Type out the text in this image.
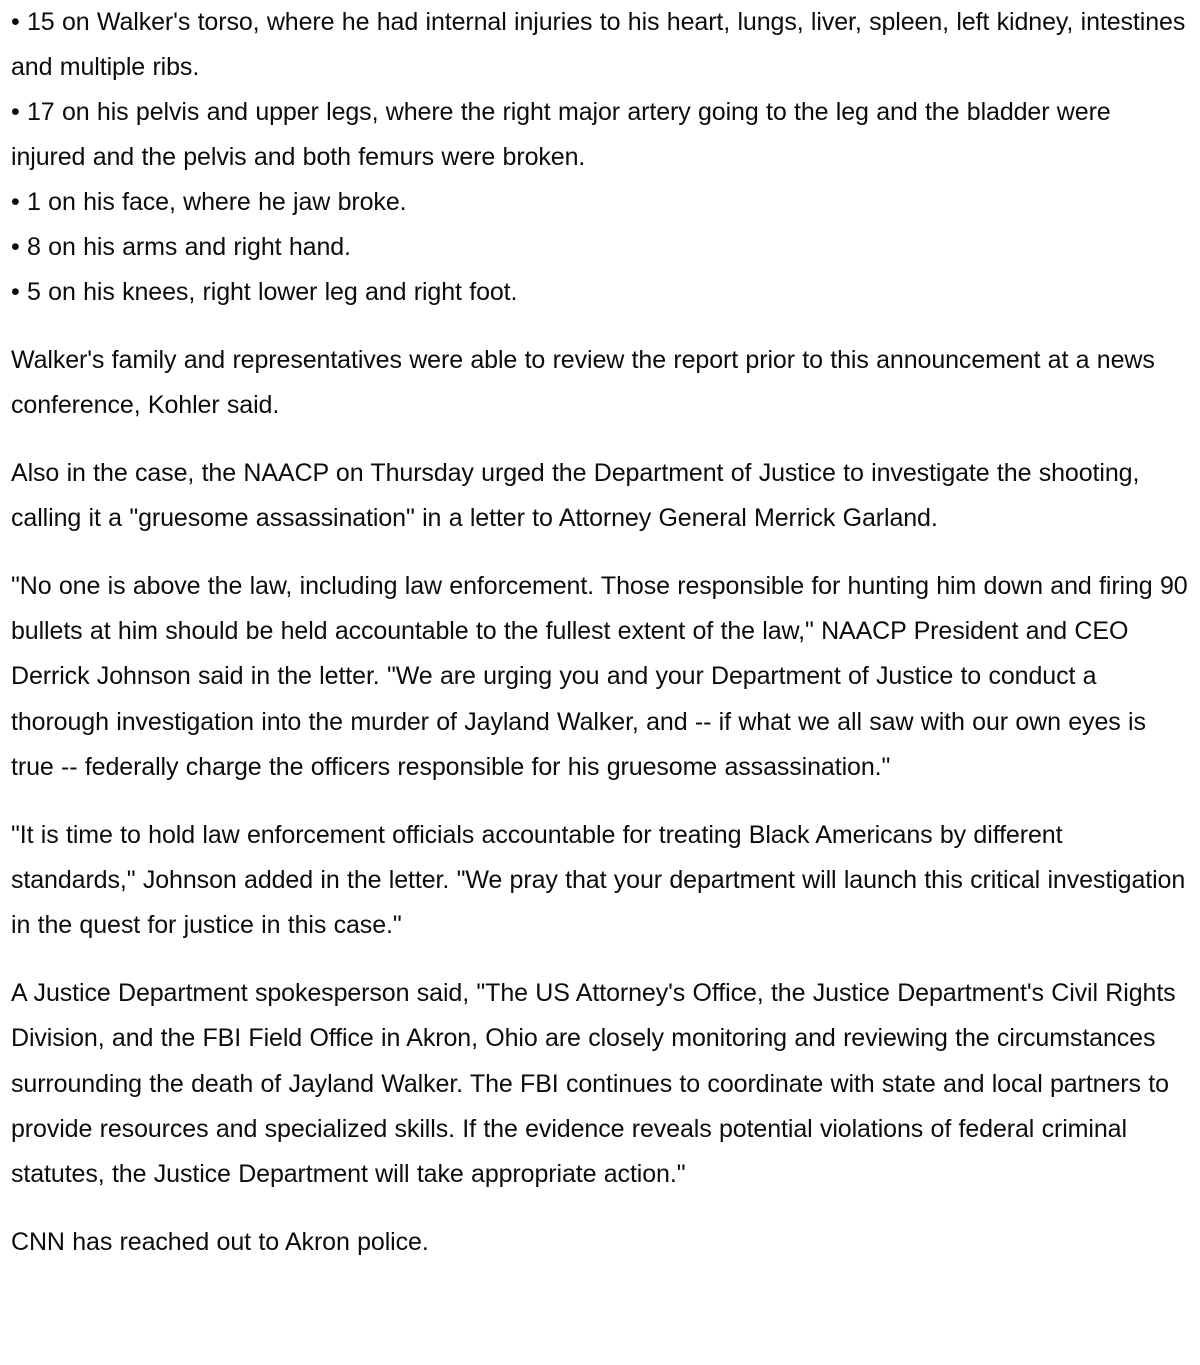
• 15 on Walker's torso, where he had internal injuries to his heart, lungs, liver, spleen, left kidney, intestines and multiple ribs.

• 17 on his pelvis and upper legs, where the right major artery going to the leg and the bladder were injured and the pelvis and both femurs were broken.

• 1 on his face, where he jaw broke.

• 8 on his arms and right hand.

• 5 on his knees, right lower leg and right foot.

Walker's family and representatives were able to review the report prior to this announcement at a news conference, Kohler said.

Also in the case, the NAACP on Thursday urged the Department of Justice to investigate the shooting, calling it a "gruesome assassination" in a letter to Attorney General Merrick Garland.

"No one is above the law, including law enforcement. Those responsible for hunting him down and firing 90 bullets at him should be held accountable to the fullest extent of the law," NAACP President and CEO Derrick Johnson said in the letter. "We are urging you and your Department of Justice to conduct a thorough investigation into the murder of Jayland Walker, and -- if what we all saw with our own eyes is true -- federally charge the officers responsible for his gruesome assassination."

"It is time to hold law enforcement officials accountable for treating Black Americans by different standards," Johnson added in the letter. "We pray that your department will launch this critical investigation in the quest for justice in this case."

A Justice Department spokesperson said, "The US Attorney's Office, the Justice Department's Civil Rights Division, and the FBI Field Office in Akron, Ohio are closely monitoring and reviewing the circumstances surrounding the death of Jayland Walker. The FBI continues to coordinate with state and local partners to provide resources and specialized skills. If the evidence reveals potential violations of federal criminal statutes, the Justice Department will take appropriate action."

CNN has reached out to Akron police.
